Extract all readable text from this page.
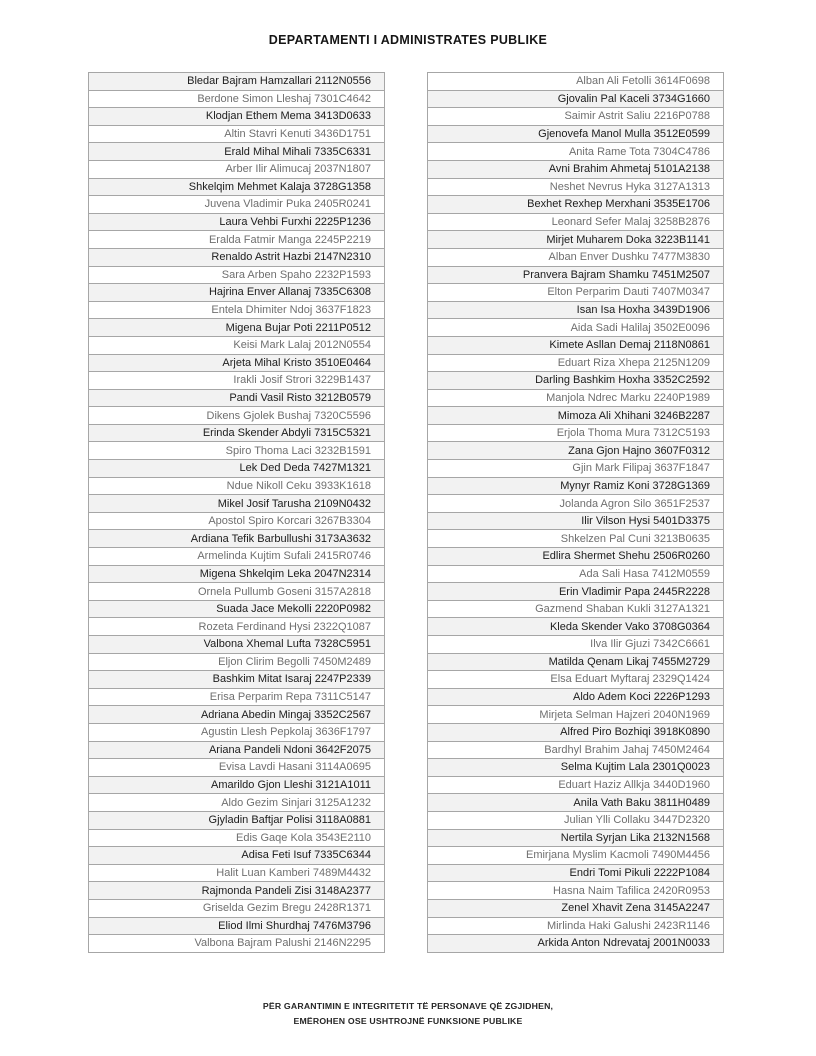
DEPARTAMENTI I ADMINISTRATES PUBLIKE
Bledar Bajram Hamzallari 2112N0556
Berdone Simon Lleshaj 7301C4642
Klodjan Ethem Mema 3413D0633
Altin Stavri Kenuti 3436D1751
Erald Mihal Mihali 7335C6331
Arber Ilir Alimucaj 2037N1807
Shkelqim Mehmet Kalaja 3728G1358
Juvena Vladimir Puka 2405R0241
Laura Vehbi Furxhi 2225P1236
Eralda Fatmir Manga 2245P2219
Renaldo Astrit Hazbi 2147N2310
Sara Arben Spaho 2232P1593
Hajrina Enver Allanaj 7335C6308
Entela Dhimiter Ndoj 3637F1823
Migena Bujar Poti 2211P0512
Keisi Mark Lalaj 2012N0554
Arjeta Mihal Kristo 3510E0464
Irakli Josif Strori 3229B1437
Pandi Vasil Risto 3212B0579
Dikens Gjolek Bushaj 7320C5596
Erinda Skender Abdyli 7315C5321
Spiro Thoma Laci 3232B1591
Lek Ded Deda 7427M1321
Ndue Nikoll Ceku 3933K1618
Mikel Josif Tarusha 2109N0432
Apostol Spiro Korcari 3267B3304
Ardiana Tefik Barbullushi 3173A3632
Armelinda Kujtim Sufali 2415R0746
Migena Shkelqim Leka 2047N2314
Ornela Pullumb Goseni 3157A2818
Suada Jace Mekolli 2220P0982
Rozeta Ferdinand Hysi 2322Q1087
Valbona Xhemal Lufta 7328C5951
Eljon Clirim Begolli 7450M2489
Bashkim Mitat Isaraj 2247P2339
Erisa Perparim Repa 7311C5147
Adriana Abedin Mingaj 3352C2567
Agustin Llesh Pepkolaj 3636F1797
Ariana Pandeli Ndoni 3642F2075
Evisa Lavdi Hasani 3114A0695
Amarildo Gjon Lleshi 3121A1011
Aldo Gezim Sinjari 3125A1232
Gjyladin Baftjar Polisi 3118A0881
Edis Gaqe Kola 3543E2110
Adisa Feti Isuf 7335C6344
Halit Luan Kamberi 7489M4432
Rajmonda Pandeli Zisi 3148A2377
Griselda Gezim Bregu 2428R1371
Eliod Ilmi Shurdhaj 7476M3796
Valbona Bajram Palushi 2146N2295
Alban Ali Fetolli 3614F0698
Gjovalin Pal Kaceli 3734G1660
Saimir Astrit Saliu 2216P0788
Gjenovefa Manol Mulla 3512E0599
Anita Rame Tota 7304C4786
Avni Brahim Ahmetaj 5101A2138
Neshet Nevrus Hyka 3127A1313
Bexhet Rexhep Merxhani 3535E1706
Leonard Sefer Malaj 3258B2876
Mirjet Muharem Doka 3223B1141
Alban Enver Dushku 7477M3830
Pranvera Bajram Shamku 7451M2507
Elton Perparim Dauti 7407M0347
Isan Isa Hoxha 3439D1906
Aida Sadi Halilaj 3502E0096
Kimete Asllan Demaj 2118N0861
Eduart Riza Xhepa 2125N1209
Darling Bashkim Hoxha 3352C2592
Manjola Ndrec Marku 2240P1989
Mimoza Ali Xhihani 3246B2287
Erjola Thoma Mura 7312C5193
Zana Gjon Hajno 3607F0312
Gjin Mark Filipaj 3637F1847
Mynyr Ramiz Koni 3728G1369
Jolanda Agron Silo 3651F2537
Ilir Vilson Hysi 5401D3375
Shkelzen Pal Cuni 3213B0635
Edlira Shermet Shehu 2506R0260
Ada Sali Hasa 7412M0559
Erin Vladimir Papa 2445R2228
Gazmend Shaban Kukli 3127A1321
Kleda Skender Vako 3708G0364
Ilva Ilir Gjuzi 7342C6661
Matilda Qenam Likaj 7455M2729
Elsa Eduart Myftaraj 2329Q1424
Aldo Adem Koci 2226P1293
Mirjeta Selman Hajzeri 2040N1969
Alfred Piro Bozhiqi 3918K0890
Bardhyl Brahim Jahaj 7450M2464
Selma Kujtim Lala 2301Q0023
Eduart Haziz Allkja 3440D1960
Anila Vath Baku 3811H0489
Julian Ylli Collaku 3447D2320
Nertila Syrjan Lika 2132N1568
Emirjana Myslim Kacmoli 7490M4456
Endri Tomi Pikuli 2222P1084
Hasna Naim Tafilica 2420R0953
Zenel Xhavit Zena 3145A2247
Mirlinda Haki Galushi 2423R1146
Arkida Anton Ndrevataj 2001N0033
PËR GARANTIMIN E INTEGRITETIT TË PERSONAVE QË ZGJIDHEN,
EMËROHEN OSE USHTROJNË FUNKSIONE PUBLIKE
